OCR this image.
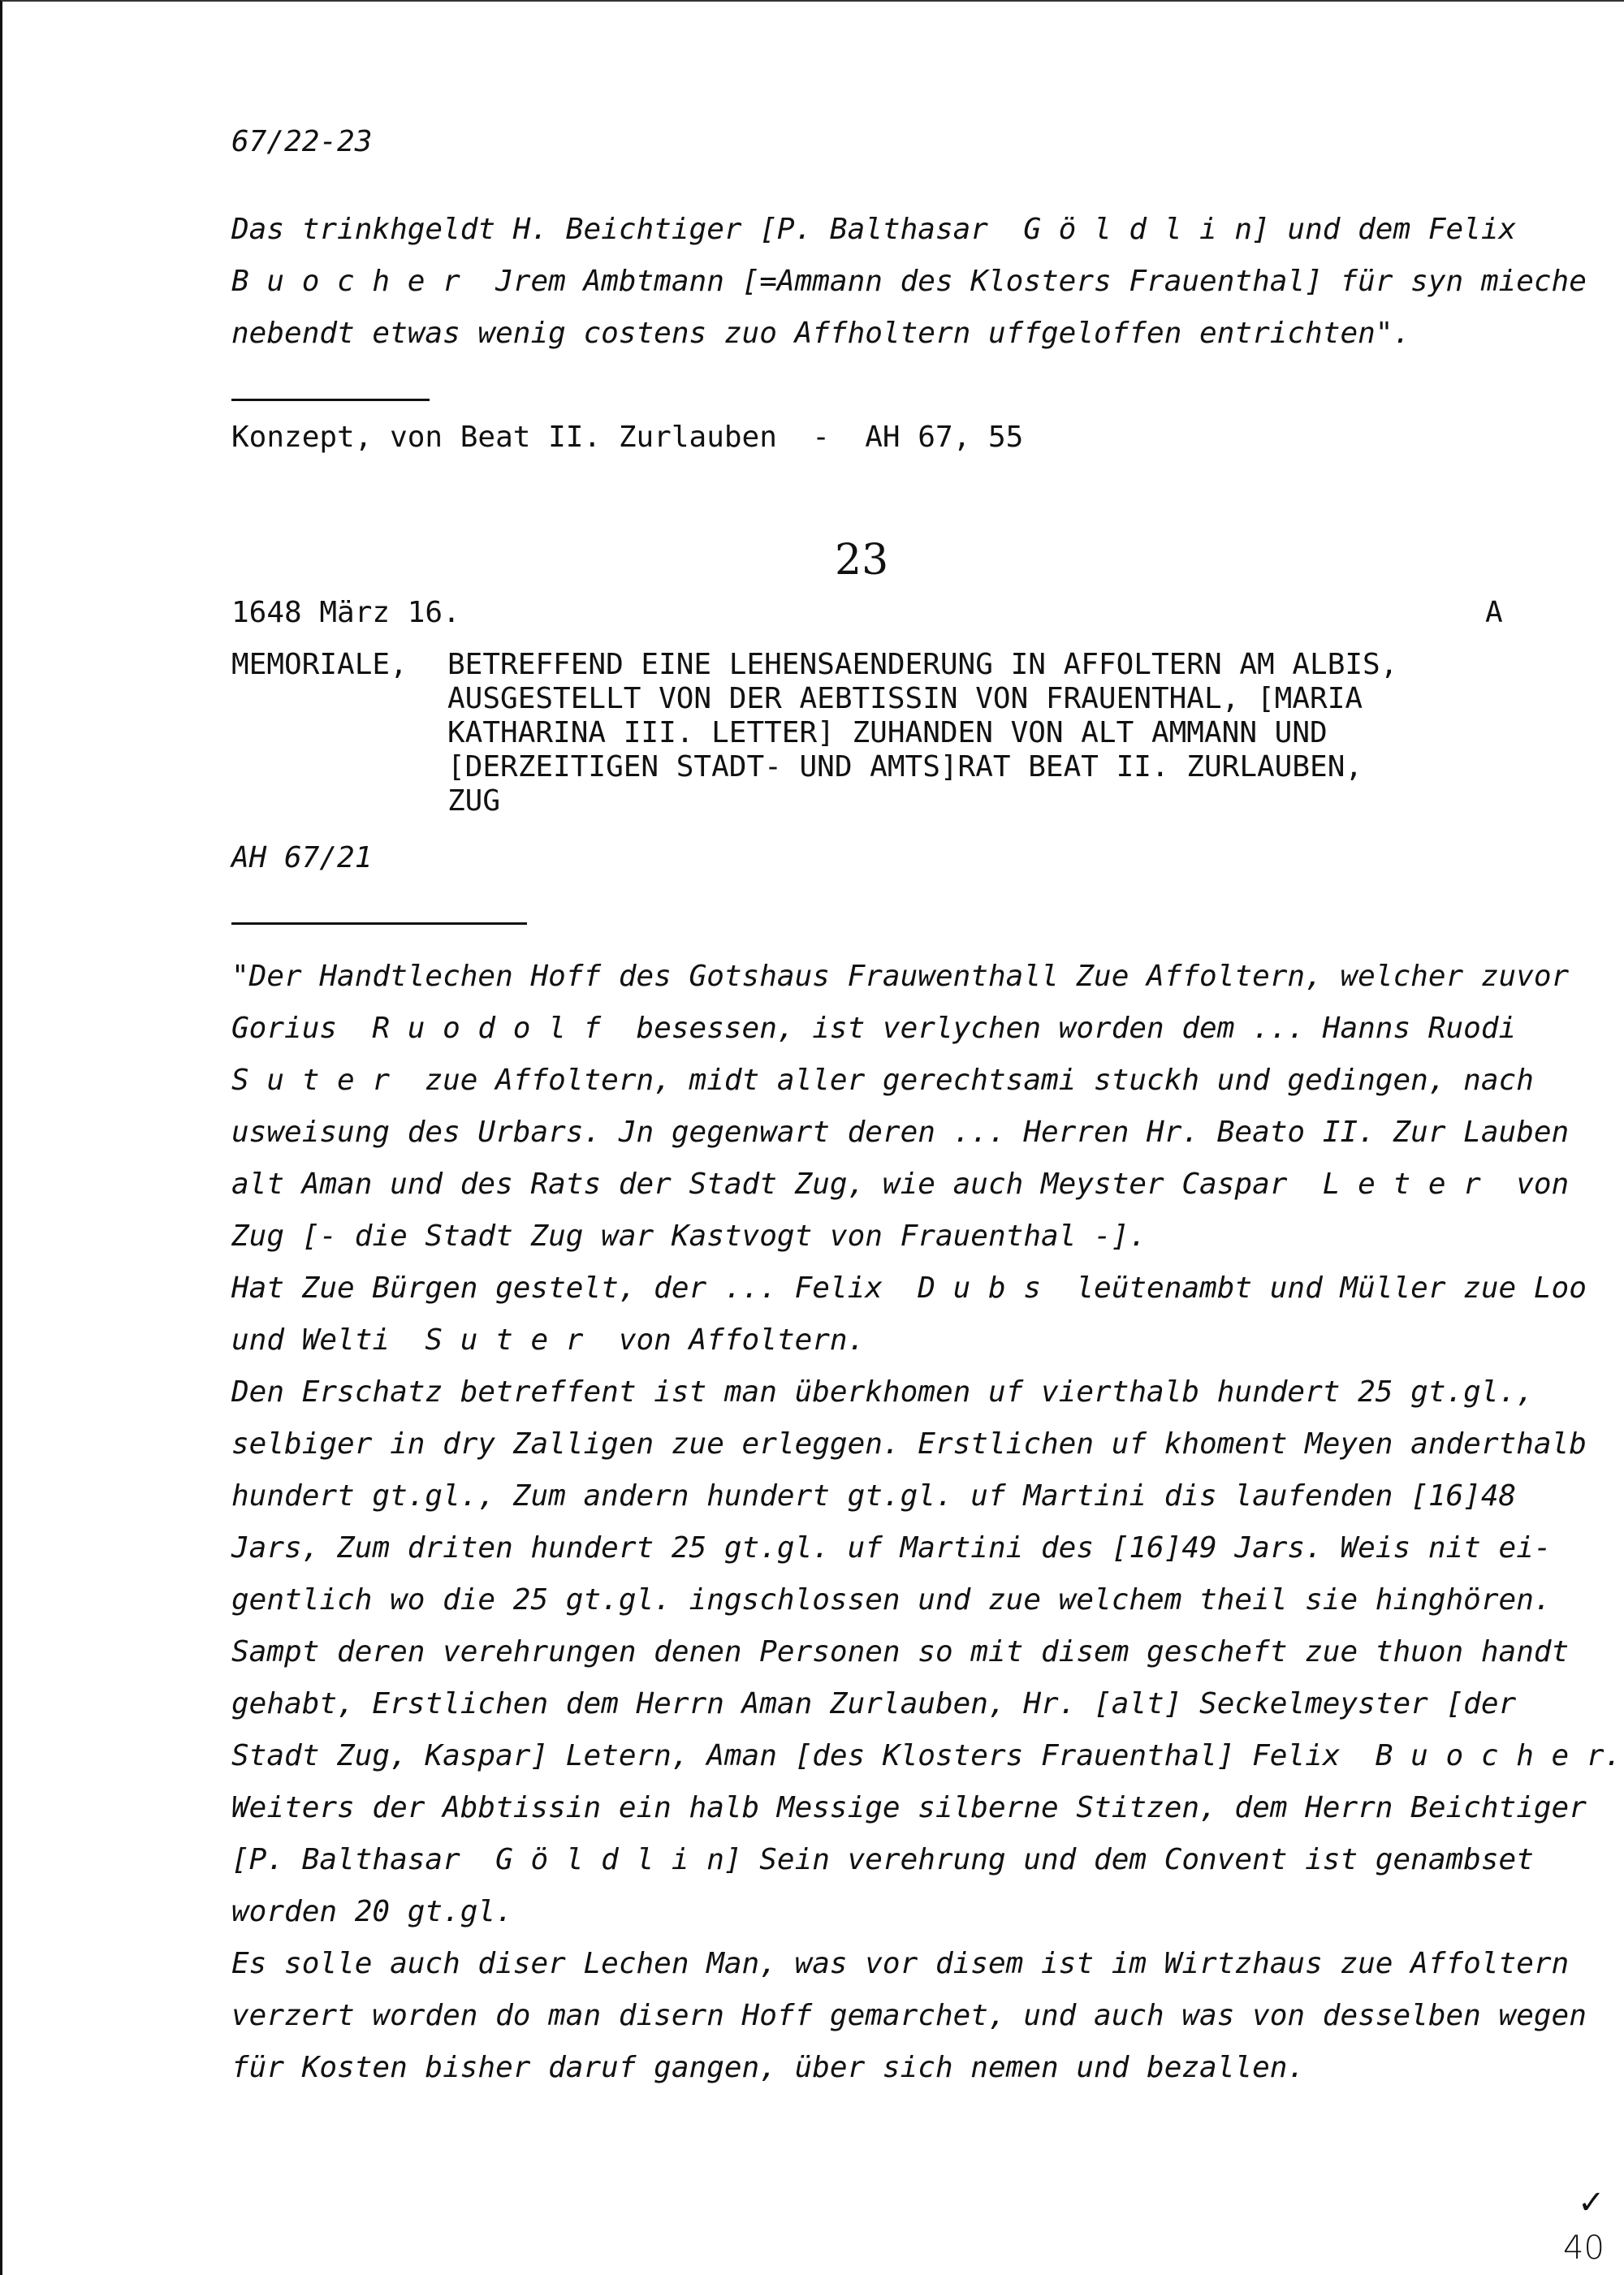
67/22-23
Das trinkhgeldt H. Beichtiger [P. Balthasar  G ö l d l i n] und dem Felix
B u o c h e r  Jrem Ambtmann [=Ammann des Klosters Frauenthal] für syn mieche
nebendt etwas wenig costens zuo Affholtern uffgeloffen entrichten".
Konzept, von Beat II. Zurlauben  -  AH 67, 55
23
1648 März 16.	A
MEMORIALE, BETREFFEND EINE LEHENSAENDERUNG IN AFFOLTERN AM ALBIS,
AUSGESTELLT VON DER AEBTISSIN VON FRAUENTHAL, [MARIA
KATHARINA III. LETTER] ZUHANDEN VON ALT AMMANN UND
[DERZEITIGEN STADT- UND AMTS]RAT BEAT II. ZURLAUBEN,
ZUG
AH 67/21
"Der Handtlechen Hoff des Gotshaus Frauwenthall Zue Affoltern, welcher zuvor
Gorius  R u o d o l f  besessen, ist verlychen worden dem ... Hanns Ruodi
S u t e r  zue Affoltern, midt aller gerechtsami stuckh und gedingen, nach
usweisung des Urbars. Jn gegenwart deren ... Herren Hr. Beato II. Zur Lauben
alt Aman und des Rats der Stadt Zug, wie auch Meyster Caspar  L e t e r  von
Zug [- die Stadt Zug war Kastvogt von Frauenthal -].
Hat Zue Bürgen gestelt, der ... Felix  D u b s  leütenambt und Müller zue Loo
und Welti  S u t e r  von Affoltern.
Den Erschatz betreffent ist man überkhomen uf vierthalb hundert 25 gt.gl.,
selbiger in dry Zalligen zue erleggen. Erstlichen uf khoment Meyen anderthalb
hundert gt.gl., Zum andern hundert gt.gl. uf Martini dis laufenden [16]48
Jars, Zum driten hundert 25 gt.gl. uf Martini des [16]49 Jars. Weis nit ei-
gentlich wo die 25 gt.gl. ingschlossen und zue welchem theil sie hinghören.
Sampt deren verehrungen denen Personen so mit disem gescheft zue thuon handt
gehabt, Erstlichen dem Herrn Aman Zurlauben, Hr. [alt] Seckelmeyster [der
Stadt Zug, Kaspar] Letern, Aman [des Klosters Frauenthal] Felix  B u o c h e r.
Weiters der Abbtissin ein halb Messige silberne Stitzen, dem Herrn Beichtiger
[P. Balthasar  G ö l d l i n] Sein verehrung und dem Convent ist genambset
worden 20 gt.gl.
Es solle auch diser Lechen Man, was vor disem ist im Wirtzhaus zue Affoltern
verzert worden do man disern Hoff gemarchet, und auch was von desselben wegen
für Kosten bisher daruf gangen, über sich nemen und bezallen.
✓
40
